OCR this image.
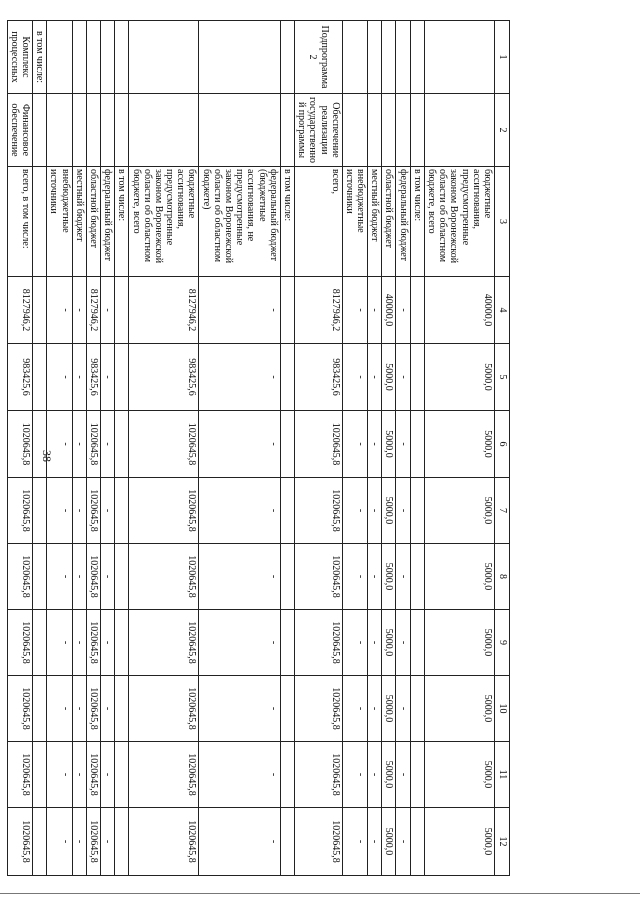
38
1	2	3	4	5	6	7	8	9	10	11	12
		бюджетные ассигнования, предусмотренные законом Воронежской области об областном бюджете, всего	40000,0	5000,0	5000,0	5000,0	5000,0	5000,0	5000,0	5000,0	5000,0
		в том числе:									
		федеральный бюджет	-	-	-	-	-	-	-	-	-
		областной бюджет	40000,0	5000,0	5000,0	5000,0	5000,0	5000,0	5000,0	5000,0	5000,0
		местный бюджет	-	-	-	-	-	-	-	-	-
		внебюджетные источники	-	-	-	-	-	-	-	-	-
Подпрограмма 2	Обеспечение реализации государственной программы	всего,	8127946,2	983425,6	1020645,8	1020645,8	1020645,8	1020645,8	1020645,8	1020645,8	1020645,8
		в том числе:									
		федеральный бюджет (бюджетные ассигнования, не предусмотренные законом Воронежской области об областном бюджете)	-	-	-	-	-	-	-	-	-
		бюджетные ассигнования, предусмотренные законом Воронежской области об областном бюджете, всего	8127946,2	983425,6	1020645,8	1020645,8	1020645,8	1020645,8	1020645,8	1020645,8	1020645,8
		в том числе:									
		федеральный бюджет	-	-	-	-	-	-	-	-	-
		областной бюджет	8127946,2	983425,6	1020645,8	1020645,8	1020645,8	1020645,8	1020645,8	1020645,8	1020645,8
		местный бюджет	-	-	-	-	-	-	-	-	-
		внебюджетные источники	-	-	-	-	-	-	-	-	-
в том числе:											
Комплекс процессных	Финансовое обеспечение	всего, в том числе:	8127946,2	983425,6	1020645,8	1020645,8	1020645,8	1020645,8	1020645,8	1020645,8	1020645,8
